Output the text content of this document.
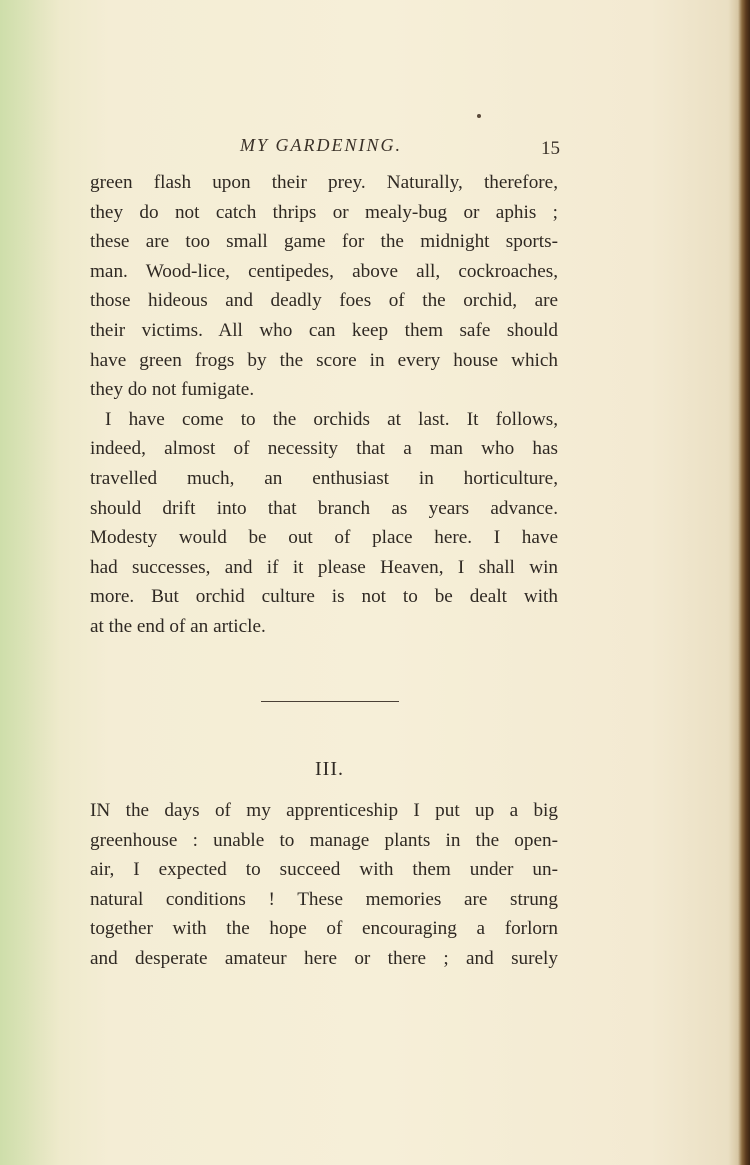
MY GARDENING.	15
green flash upon their prey. Naturally, therefore,
they do not catch thrips or mealy-bug or aphis ;
these are too small game for the midnight sports-
man. Wood-lice, centipedes, above all, cockroaches,
those hideous and deadly foes of the orchid, are
their victims. All who can keep them safe should
have green frogs by the score in every house which
they do not fumigate.
I have come to the orchids at last. It follows,
indeed, almost of necessity that a man who has
travelled much, an enthusiast in horticulture,
should drift into that branch as years advance.
Modesty would be out of place here. I have
had successes, and if it please Heaven, I shall win
more. But orchid culture is not to be dealt with
at the end of an article.
III.
IN the days of my apprenticeship I put up a big
greenhouse : unable to manage plants in the open-
air, I expected to succeed with them under un-
natural conditions ! These memories are strung
together with the hope of encouraging a forlorn
and desperate amateur here or there ; and surely
